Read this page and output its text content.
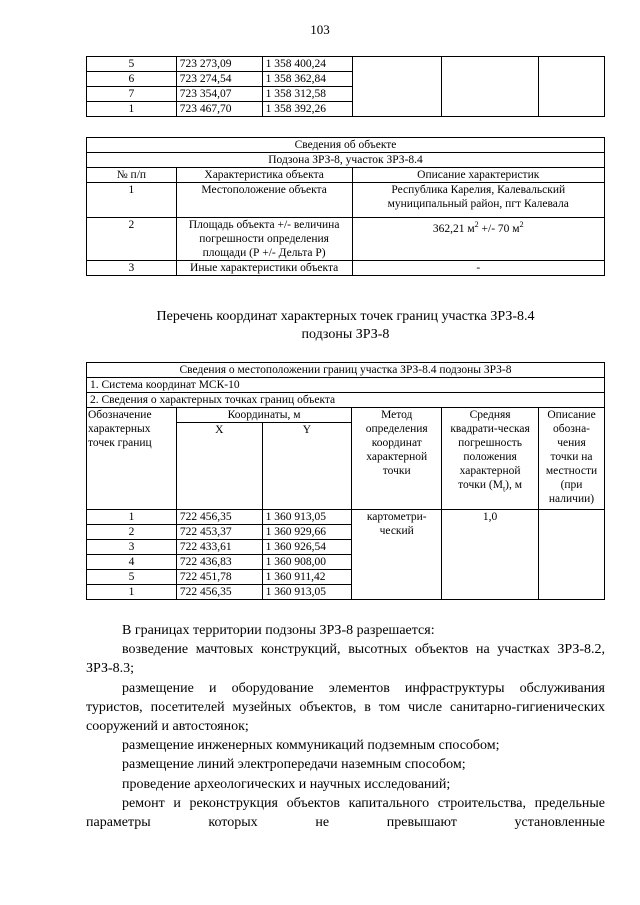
103
5	723 273,09	1 358 400,24			
6	723 274,54	1 358 362,84			
7	723 354,07	1 358 312,58			
1	723 467,70	1 358 392,26			
Сведения об объекте		
Подзона ЗРЗ-8, участок ЗРЗ-8.4		
№ п/п	Характеристика объекта	Описание характеристик
1	Местоположение объекта	Республика Карелия, Калевальский муниципальный район, пгт Калевала
2	Площадь объекта +/- величина погрешности определения площади (Р +/- Дельта Р)	362,21 $м^2$ +/- 70 $м^2$
3	Иные характеристики объекта	-
Перечень координат характерных точек границ участка ЗРЗ-8.4
подзоны ЗРЗ-8
Сведения о местоположении границ участка ЗРЗ-8.4 подзоны ЗРЗ-8					
1. Система координат МСК-10					
2. Сведения о характерных точках границ объекта					
Обозначение характерных точек границ	Координаты, м		Метод определения координат характерной точки	Средняя квадрати-ческая погрешность положения характерной точки $(M_t)$, м	Описание обозна-чения точки на местности (при наличии)
	X	Y			
1	722 456,35	1 360 913,05	картометри-ческий	1,0	
2	722 453,37	1 360 929,66			
3	722 433,61	1 360 926,54			
4	722 436,83	1 360 908,00			
5	722 451,78	1 360 911,42			
1	722 456,35	1 360 913,05			

В границах территории подзоны ЗРЗ-8 разрешается:

возведение мачтовых конструкций, высотных объектов на участках ЗРЗ-8.2, ЗРЗ-8.3;

размещение и оборудование элементов инфраструктуры обслуживания туристов, посетителей музейных объектов, в том числе санитарно-гигиенических сооружений и автостоянок;

размещение инженерных коммуникаций подземным способом;

размещение линий электропередачи наземным способом;

проведение археологических и научных исследований;

ремонт и реконструкция объектов капитального строительства, предельные параметры которых не превышают установленные
